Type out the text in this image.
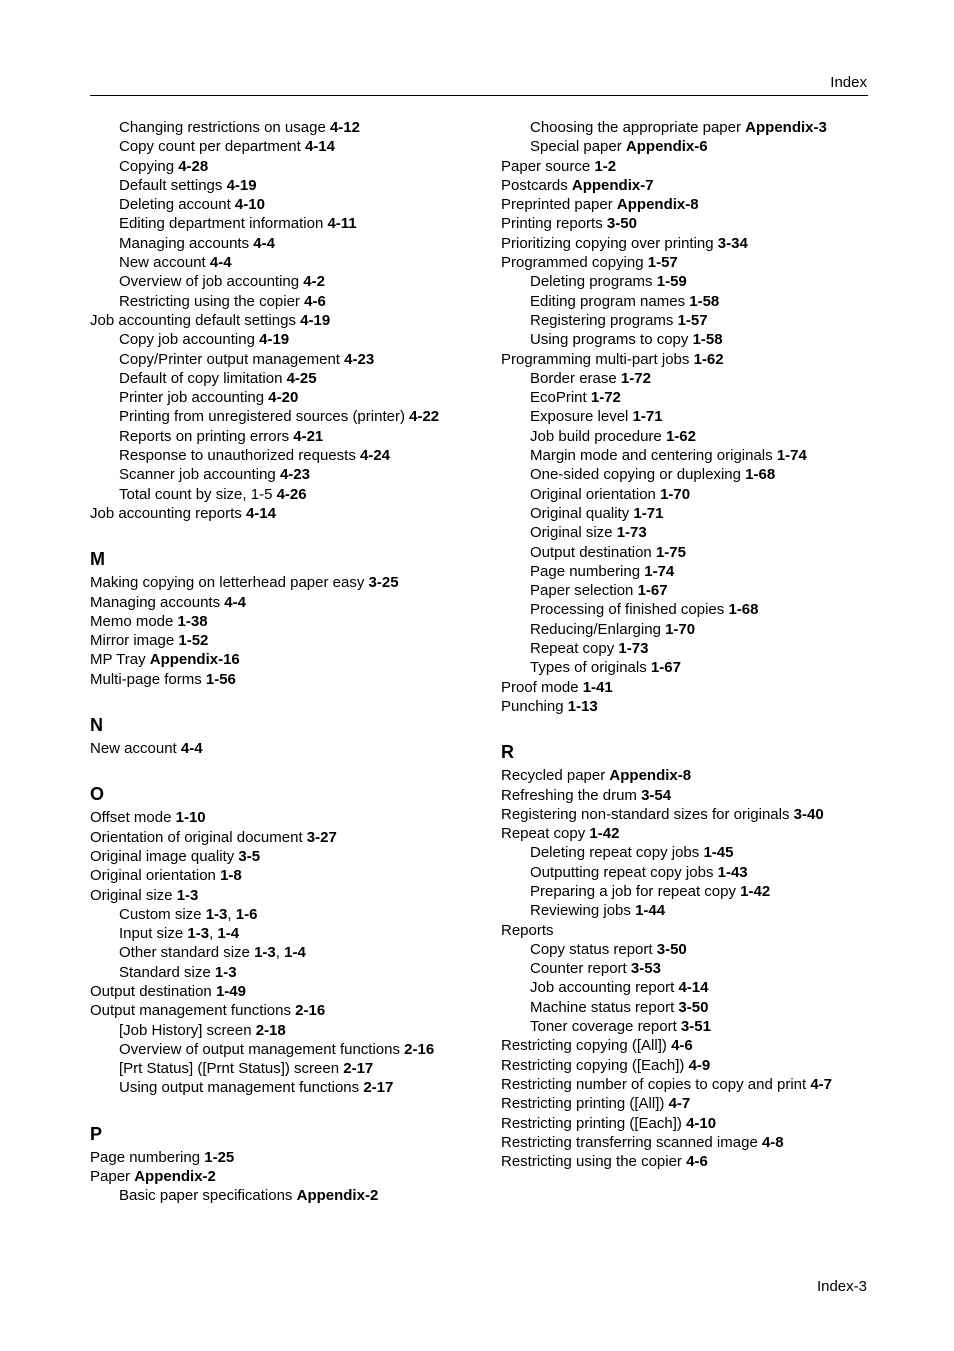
Index
Changing restrictions on usage 4-12
Copy count per department 4-14
Copying 4-28
Default settings 4-19
Deleting account 4-10
Editing department information 4-11
Managing accounts 4-4
New account 4-4
Overview of job accounting 4-2
Restricting using the copier 4-6
Job accounting default settings 4-19
Copy job accounting 4-19
Copy/Printer output management 4-23
Default of copy limitation 4-25
Printer job accounting 4-20
Printing from unregistered sources (printer) 4-22
Reports on printing errors 4-21
Response to unauthorized requests 4-24
Scanner job accounting 4-23
Total count by size, 1-5 4-26
Job accounting reports 4-14
M
Making copying on letterhead paper easy 3-25
Managing accounts 4-4
Memo mode 1-38
Mirror image 1-52
MP Tray Appendix-16
Multi-page forms 1-56
N
New account 4-4
O
Offset mode 1-10
Orientation of original document 3-27
Original image quality 3-5
Original orientation 1-8
Original size 1-3
Custom size 1-3, 1-6
Input size 1-3, 1-4
Other standard size 1-3, 1-4
Standard size 1-3
Output destination 1-49
Output management functions 2-16
[Job History] screen 2-18
Overview of output management functions 2-16
[Prt Status] ([Prnt Status]) screen 2-17
Using output management functions 2-17
P
Page numbering 1-25
Paper Appendix-2
Basic paper specifications Appendix-2
Choosing the appropriate paper Appendix-3
Special paper Appendix-6
Paper source 1-2
Postcards Appendix-7
Preprinted paper Appendix-8
Printing reports 3-50
Prioritizing copying over printing 3-34
Programmed copying 1-57
Deleting programs 1-59
Editing program names 1-58
Registering programs 1-57
Using programs to copy 1-58
Programming multi-part jobs 1-62
Border erase 1-72
EcoPrint 1-72
Exposure level 1-71
Job build procedure 1-62
Margin mode and centering originals 1-74
One-sided copying or duplexing 1-68
Original orientation 1-70
Original quality 1-71
Original size 1-73
Output destination 1-75
Page numbering 1-74
Paper selection 1-67
Processing of finished copies 1-68
Reducing/Enlarging 1-70
Repeat copy 1-73
Types of originals 1-67
Proof mode 1-41
Punching 1-13
R
Recycled paper Appendix-8
Refreshing the drum 3-54
Registering non-standard sizes for originals 3-40
Repeat copy 1-42
Deleting repeat copy jobs 1-45
Outputting repeat copy jobs 1-43
Preparing a job for repeat copy 1-42
Reviewing jobs 1-44
Reports
Copy status report 3-50
Counter report 3-53
Job accounting report 4-14
Machine status report 3-50
Toner coverage report 3-51
Restricting copying ([All]) 4-6
Restricting copying ([Each]) 4-9
Restricting number of copies to copy and print 4-7
Restricting printing ([All]) 4-7
Restricting printing ([Each]) 4-10
Restricting transferring scanned image 4-8
Restricting using the copier 4-6
Index-3
